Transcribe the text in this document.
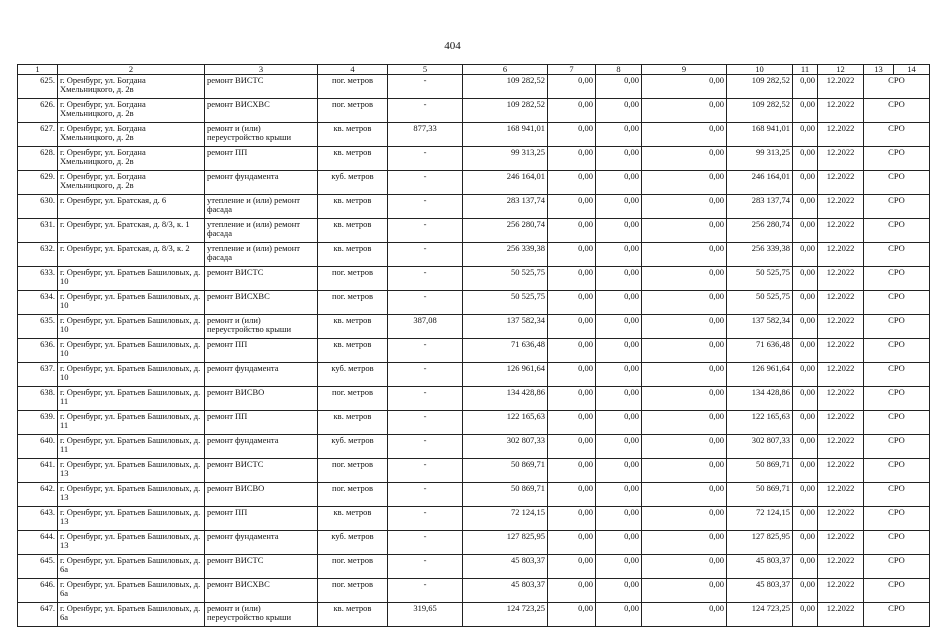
404
1	2	3	4	5	6	7	8	9	10	11	12	13	14
625.	г. Оренбург, ул. Богдана Хмельницкого, д. 2в	ремонт ВИСТС	пог. метров	-	109 282,52	0,00	0,00	0,00	109 282,52	0,00	12.2022	СРО	
626.	г. Оренбург, ул. Богдана Хмельницкого, д. 2в	ремонт ВИСХВС	пог. метров	-	109 282,52	0,00	0,00	0,00	109 282,52	0,00	12.2022	СРО	
627.	г. Оренбург, ул. Богдана Хмельницкого, д. 2в	ремонт и (или) переустройство крыши	кв. метров	877,33	168 941,01	0,00	0,00	0,00	168 941,01	0,00	12.2022	СРО	
628.	г. Оренбург, ул. Богдана Хмельницкого, д. 2в	ремонт ПП	кв. метров	-	99 313,25	0,00	0,00	0,00	99 313,25	0,00	12.2022	СРО	
629.	г. Оренбург, ул. Богдана Хмельницкого, д. 2в	ремонт фундамента	куб. метров	-	246 164,01	0,00	0,00	0,00	246 164,01	0,00	12.2022	СРО	
630.	г. Оренбург, ул. Братская, д. 6	утепление и (или) ремонт фасада	кв. метров	-	283 137,74	0,00	0,00	0,00	283 137,74	0,00	12.2022	СРО	
631.	г. Оренбург, ул. Братская, д. 8/3, к. 1	утепление и (или) ремонт фасада	кв. метров	-	256 280,74	0,00	0,00	0,00	256 280,74	0,00	12.2022	СРО	
632.	г. Оренбург, ул. Братская, д. 8/3, к. 2	утепление и (или) ремонт фасада	кв. метров	-	256 339,38	0,00	0,00	0,00	256 339,38	0,00	12.2022	СРО	
633.	г. Оренбург, ул. Братьев Башиловых, д. 10	ремонт ВИСТС	пог. метров	-	50 525,75	0,00	0,00	0,00	50 525,75	0,00	12.2022	СРО	
634.	г. Оренбург, ул. Братьев Башиловых, д. 10	ремонт ВИСХВС	пог. метров	-	50 525,75	0,00	0,00	0,00	50 525,75	0,00	12.2022	СРО	
635.	г. Оренбург, ул. Братьев Башиловых, д. 10	ремонт и (или) переустройство крыши	кв. метров	387,08	137 582,34	0,00	0,00	0,00	137 582,34	0,00	12.2022	СРО	
636.	г. Оренбург, ул. Братьев Башиловых, д. 10	ремонт ПП	кв. метров	-	71 636,48	0,00	0,00	0,00	71 636,48	0,00	12.2022	СРО	
637.	г. Оренбург, ул. Братьев Башиловых, д. 10	ремонт фундамента	куб. метров	-	126 961,64	0,00	0,00	0,00	126 961,64	0,00	12.2022	СРО	
638.	г. Оренбург, ул. Братьев Башиловых, д. 11	ремонт ВИСВО	пог. метров	-	134 428,86	0,00	0,00	0,00	134 428,86	0,00	12.2022	СРО	
639.	г. Оренбург, ул. Братьев Башиловых, д. 11	ремонт ПП	кв. метров	-	122 165,63	0,00	0,00	0,00	122 165,63	0,00	12.2022	СРО	
640.	г. Оренбург, ул. Братьев Башиловых, д. 11	ремонт фундамента	куб. метров	-	302 807,33	0,00	0,00	0,00	302 807,33	0,00	12.2022	СРО	
641.	г. Оренбург, ул. Братьев Башиловых, д. 13	ремонт ВИСТС	пог. метров	-	50 869,71	0,00	0,00	0,00	50 869,71	0,00	12.2022	СРО	
642.	г. Оренбург, ул. Братьев Башиловых, д. 13	ремонт ВИСВО	пог. метров	-	50 869,71	0,00	0,00	0,00	50 869,71	0,00	12.2022	СРО	
643.	г. Оренбург, ул. Братьев Башиловых, д. 13	ремонт ПП	кв. метров	-	72 124,15	0,00	0,00	0,00	72 124,15	0,00	12.2022	СРО	
644.	г. Оренбург, ул. Братьев Башиловых, д. 13	ремонт фундамента	куб. метров	-	127 825,95	0,00	0,00	0,00	127 825,95	0,00	12.2022	СРО	
645.	г. Оренбург, ул. Братьев Башиловых, д. 6а	ремонт ВИСТС	пог. метров	-	45 803,37	0,00	0,00	0,00	45 803,37	0,00	12.2022	СРО	
646.	г. Оренбург, ул. Братьев Башиловых, д. 6а	ремонт ВИСХВС	пог. метров	-	45 803,37	0,00	0,00	0,00	45 803,37	0,00	12.2022	СРО	
647.	г. Оренбург, ул. Братьев Башиловых, д. 6а	ремонт и (или) переустройство крыши	кв. метров	319,65	124 723,25	0,00	0,00	0,00	124 723,25	0,00	12.2022	СРО	
